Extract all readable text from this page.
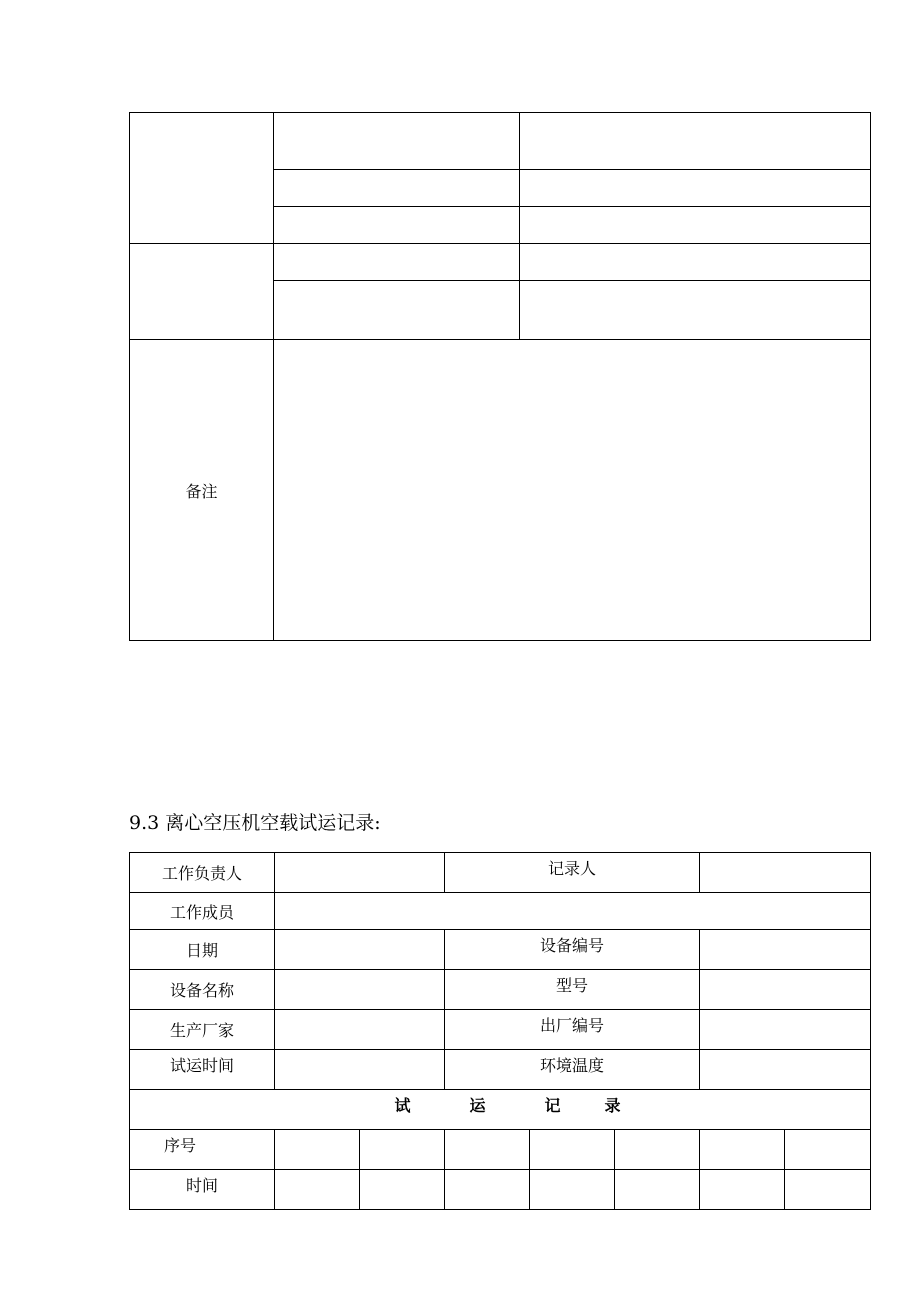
备注		
9.3 离心空压机空载试运记录:
工作负责人			记录人				
工作成员							
日期			设备编号				
设备名称			型号				
生产厂家			出厂编号				
试运时间			环境温度				
试 运 记 录							
序号							
时间							
